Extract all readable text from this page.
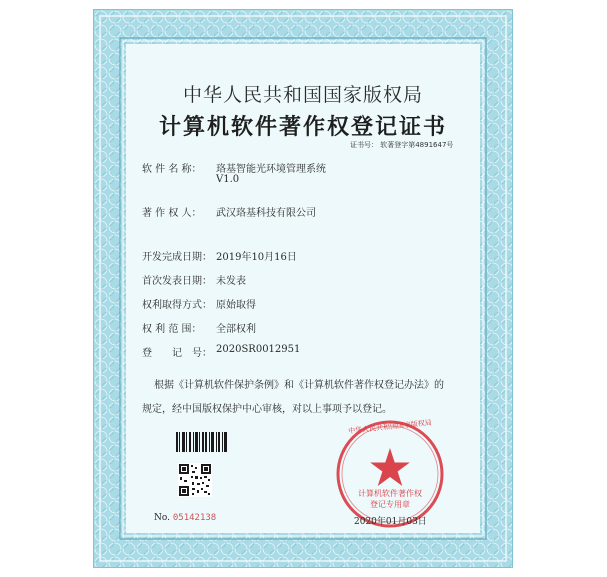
中华人民共和国国家版权局
计算机软件著作权登记证书
证书号： 软著登字第4891647号
软 件 名 称： 珞基智能光环境管理系统
V1.0
著 作 权 人： 武汉珞基科技有限公司
开发完成日期： 2019年10月16日
首次发表日期： 未发表
权利取得方式： 原始取得
权 利 范 围： 全部权利
登　　记　号： 2020SR0012951
根据《计算机软件保护条例》和《计算机软件著作权登记办法》的
规定，经中国版权保护中心审核，对以上事项予以登记。
No. 05142138
中华人民共和国国家版权局
计算机软件著作权
登记专用章
2020年01月03日
